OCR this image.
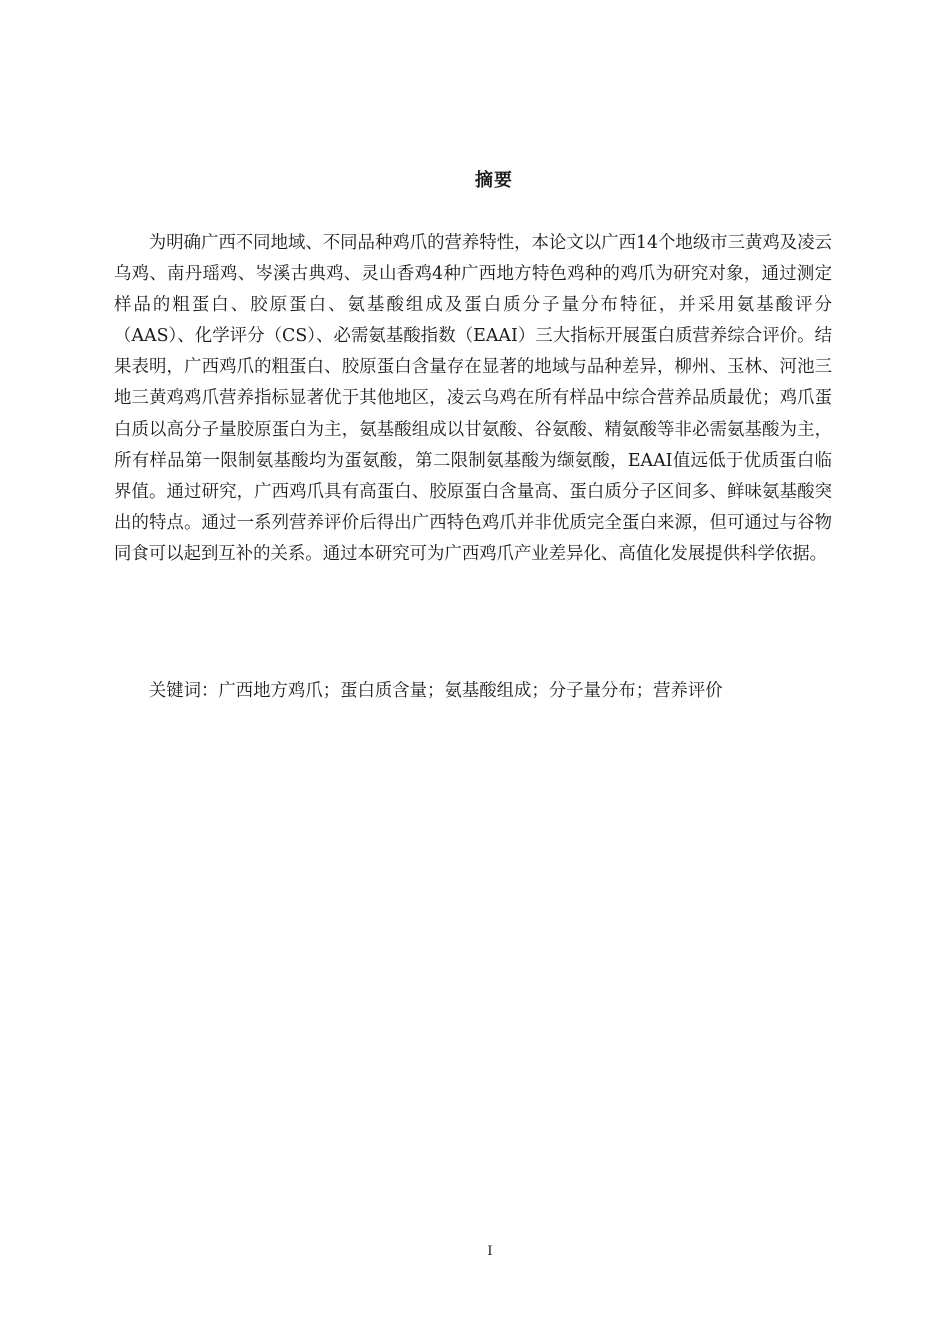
摘要

为明确广西不同地域、不同品种鸡爪的营养特性，本论文以广西14个地级市三黄鸡及凌云乌鸡、南丹瑶鸡、岑溪古典鸡、灵山香鸡4种广西地方特色鸡种的鸡爪为研究对象，通过测定样品的粗蛋白、胶原蛋白、氨基酸组成及蛋白质分子量分布特征，并采用氨基酸评分（AAS）、化学评分（CS）、必需氨基酸指数（EAAI）三大指标开展蛋白质营养综合评价。结果表明，广西鸡爪的粗蛋白、胶原蛋白含量存在显著的地域与品种差异，柳州、玉林、河池三地三黄鸡鸡爪营养指标显著优于其他地区，凌云乌鸡在所有样品中综合营养品质最优；鸡爪蛋白质以高分子量胶原蛋白为主，氨基酸组成以甘氨酸、谷氨酸、精氨酸等非必需氨基酸为主，所有样品第一限制氨基酸均为蛋氨酸，第二限制氨基酸为缬氨酸，EAAI值远低于优质蛋白临界值。通过研究，广西鸡爪具有高蛋白、胶原蛋白含量高、蛋白质分子区间多、鲜味氨基酸突出的特点。通过一系列营养评价后得出广西特色鸡爪并非优质完全蛋白来源，但可通过与谷物同食可以起到互补的关系。通过本研究可为广西鸡爪产业差异化、高值化发展提供科学依据。

关键词：广西地方鸡爪；蛋白质含量；氨基酸组成；分子量分布；营养评价

I
